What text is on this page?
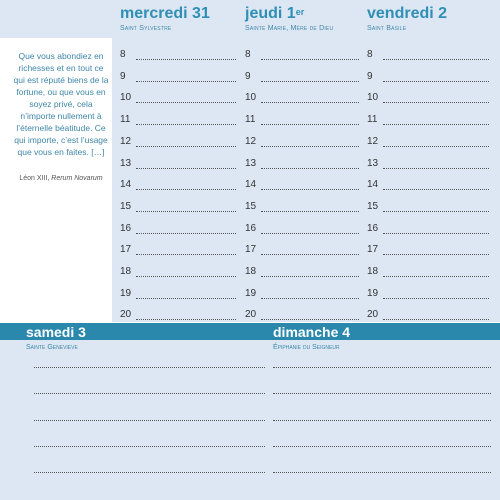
mercredi 31
Saint Sylvestre
jeudi 1er
Sainte Marie, Mère de Dieu
vendredi 2
Saint Basile
8	8	8
9	9	9
10	10	10
11	11	11
12	12	12
13	13	13
14	14	14
15	15	15
16	16	16
17	17	17
18	18	18
19	19	19
20	20	20
Que vous abondiez en richesses et en tout ce qui est réputé biens de la fortune, ou que vous en soyez privé, cela n’importe nullement à l’éternelle béatitude. Ce qui importe, c’est l’usage que vous en faites. […]
Léon XIII, Rerum Novarum
samedi 3	dimanche 4
Sainte Geneviève	Épiphanie du Seigneur
